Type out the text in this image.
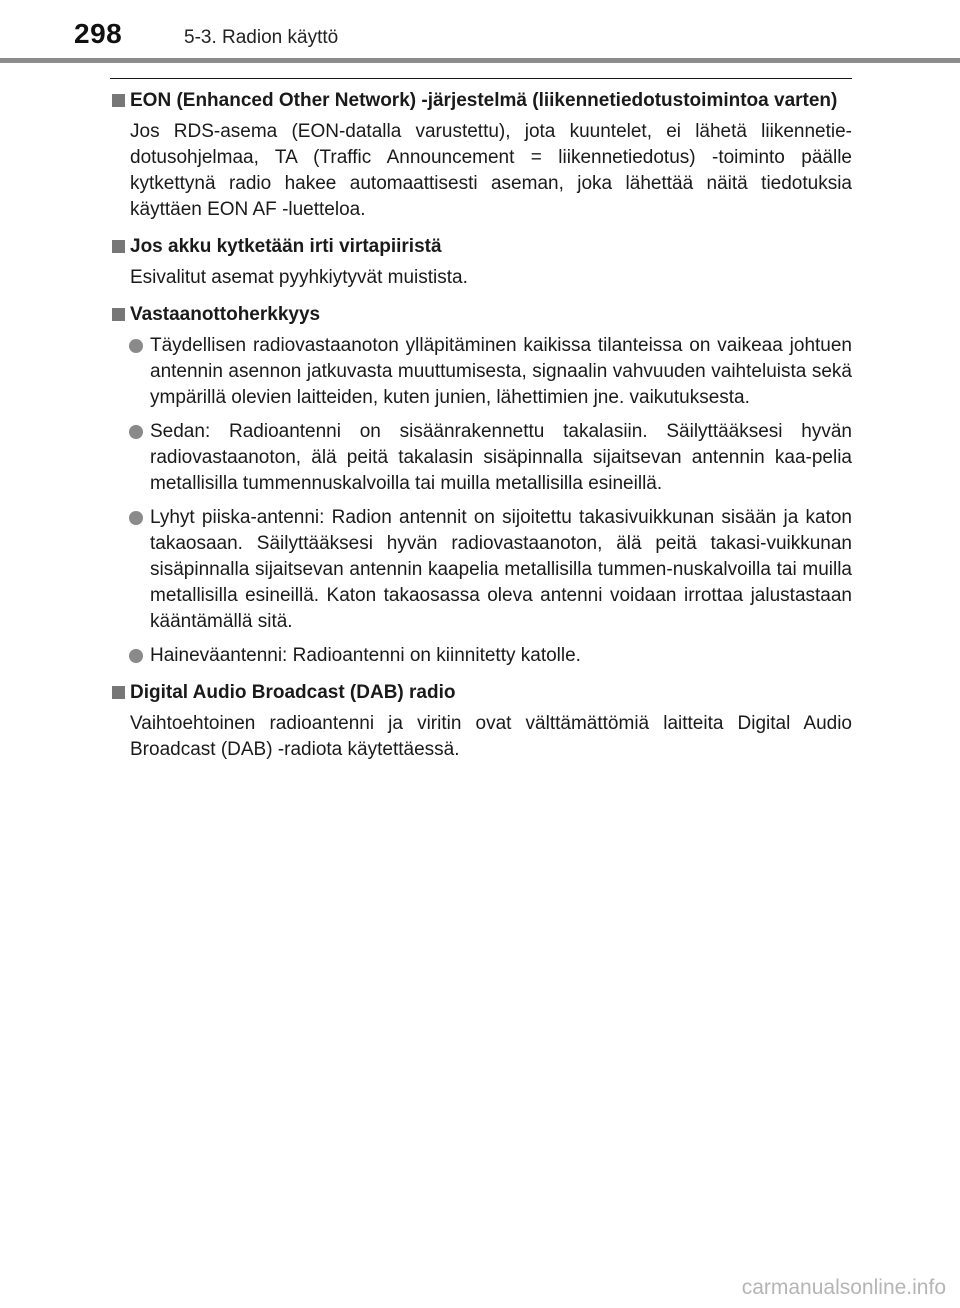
298	5-3. Radion käyttö
EON (Enhanced Other Network) -järjestelmä (liikennetiedotustoimintoa varten)
Jos RDS-asema (EON-datalla varustettu), jota kuuntelet, ei lähetä liikennetie-dotusohjelmaa, TA (Traffic Announcement = liikennetiedotus) -toiminto päälle kytkettynä radio hakee automaattisesti aseman, joka lähettää näitä tiedotuksia käyttäen EON AF -luetteloa.
Jos akku kytketään irti virtapiiristä
Esivalitut asemat pyyhkiytyvät muistista.
Vastaanottoherkkyys
Täydellisen radiovastaanoton ylläpitäminen kaikissa tilanteissa on vaikeaa johtuen antennin asennon jatkuvasta muuttumisesta, signaalin vahvuuden vaihteluista sekä ympärillä olevien laitteiden, kuten junien, lähettimien jne. vaikutuksesta.
Sedan: Radioantenni on sisäänrakennettu takalasiin. Säilyttääksesi hyvän radiovastaanoton, älä peitä takalasin sisäpinnalla sijaitsevan antennin kaa-pelia metallisilla tummennuskalvoilla tai muilla metallisilla esineillä.
Lyhyt piiska-antenni: Radion antennit on sijoitettu takasivuikkunan sisään ja katon takaosaan. Säilyttääksesi hyvän radiovastaanoton, älä peitä takasi-vuikkunan sisäpinnalla sijaitsevan antennin kaapelia metallisilla tummen-nuskalvoilla tai muilla metallisilla esineillä. Katon takaosassa oleva antenni voidaan irrottaa jalustastaan kääntämällä sitä.
Haineväantenni: Radioantenni on kiinnitetty katolle.
Digital Audio Broadcast (DAB) radio
Vaihtoehtoinen radioantenni ja viritin ovat välttämättömiä laitteita Digital Audio Broadcast (DAB) -radiota käytettäessä.
carmanualsonline.info
